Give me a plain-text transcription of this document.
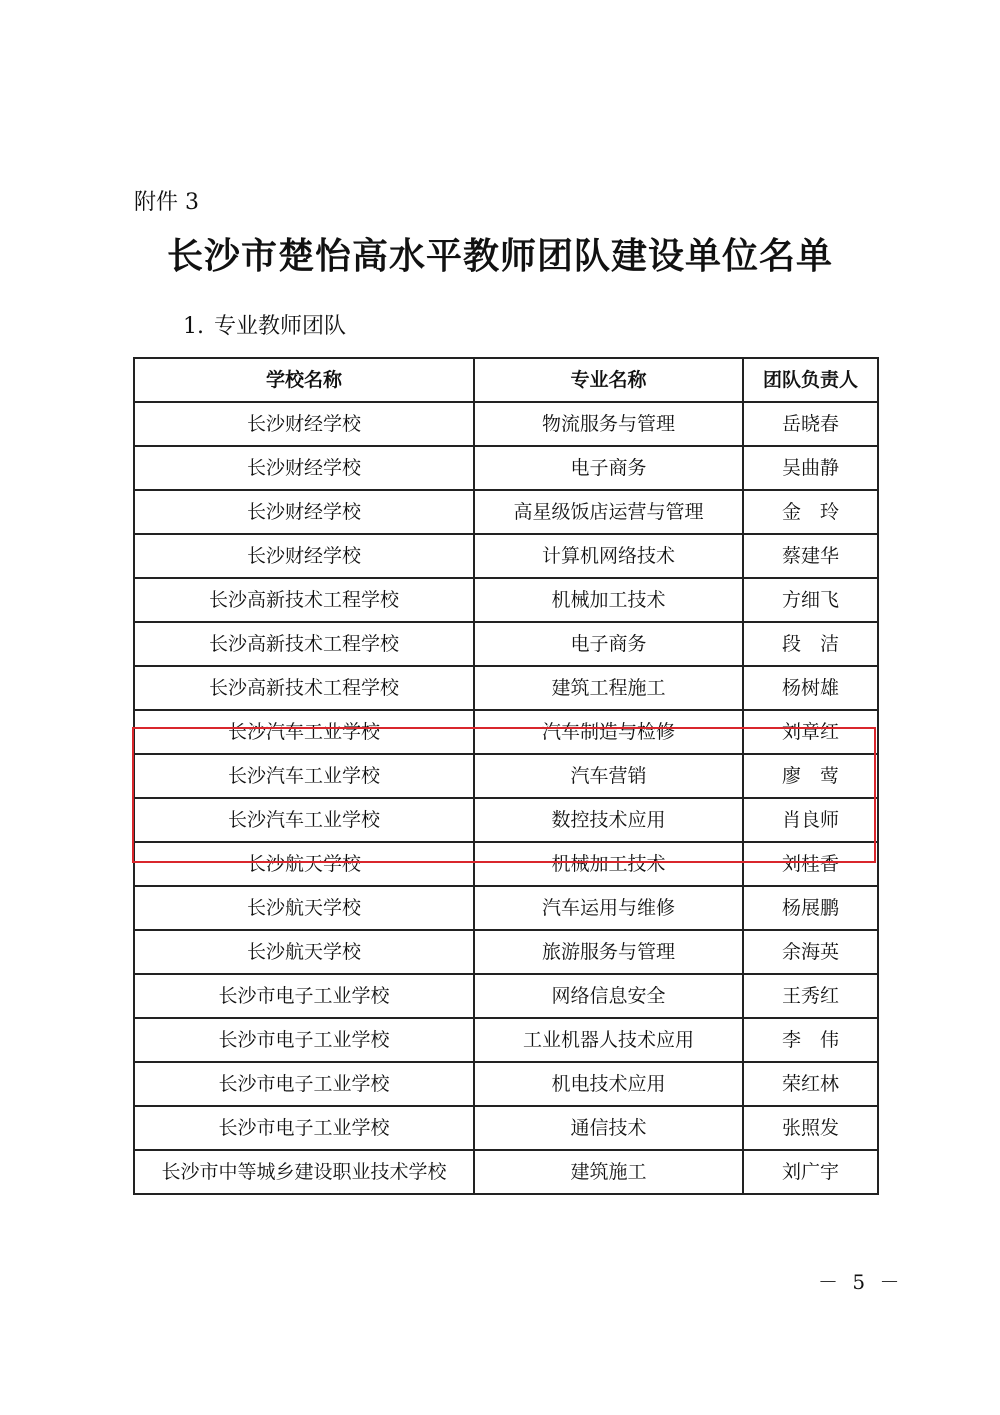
附件 3

长沙市楚怡高水平教师团队建设单位名单

1. 专业教师团队

学校名称	专业名称	团队负责人
长沙财经学校	物流服务与管理	岳晓春
长沙财经学校	电子商务	吴曲静
长沙财经学校	高星级饭店运营与管理	金　玲
长沙财经学校	计算机网络技术	蔡建华
长沙高新技术工程学校	机械加工技术	方细飞
长沙高新技术工程学校	电子商务	段　洁
长沙高新技术工程学校	建筑工程施工	杨树雄
长沙汽车工业学校	汽车制造与检修	刘章红
长沙汽车工业学校	汽车营销	廖　莺
长沙汽车工业学校	数控技术应用	肖良师
长沙航天学校	机械加工技术	刘桂香
长沙航天学校	汽车运用与维修	杨展鹏
长沙航天学校	旅游服务与管理	余海英
长沙市电子工业学校	网络信息安全	王秀红
长沙市电子工业学校	工业机器人技术应用	李　伟
长沙市电子工业学校	机电技术应用	荣红林
长沙市电子工业学校	通信技术	张照发
长沙市中等城乡建设职业技术学校	建筑施工	刘广宇

－ 5 －
